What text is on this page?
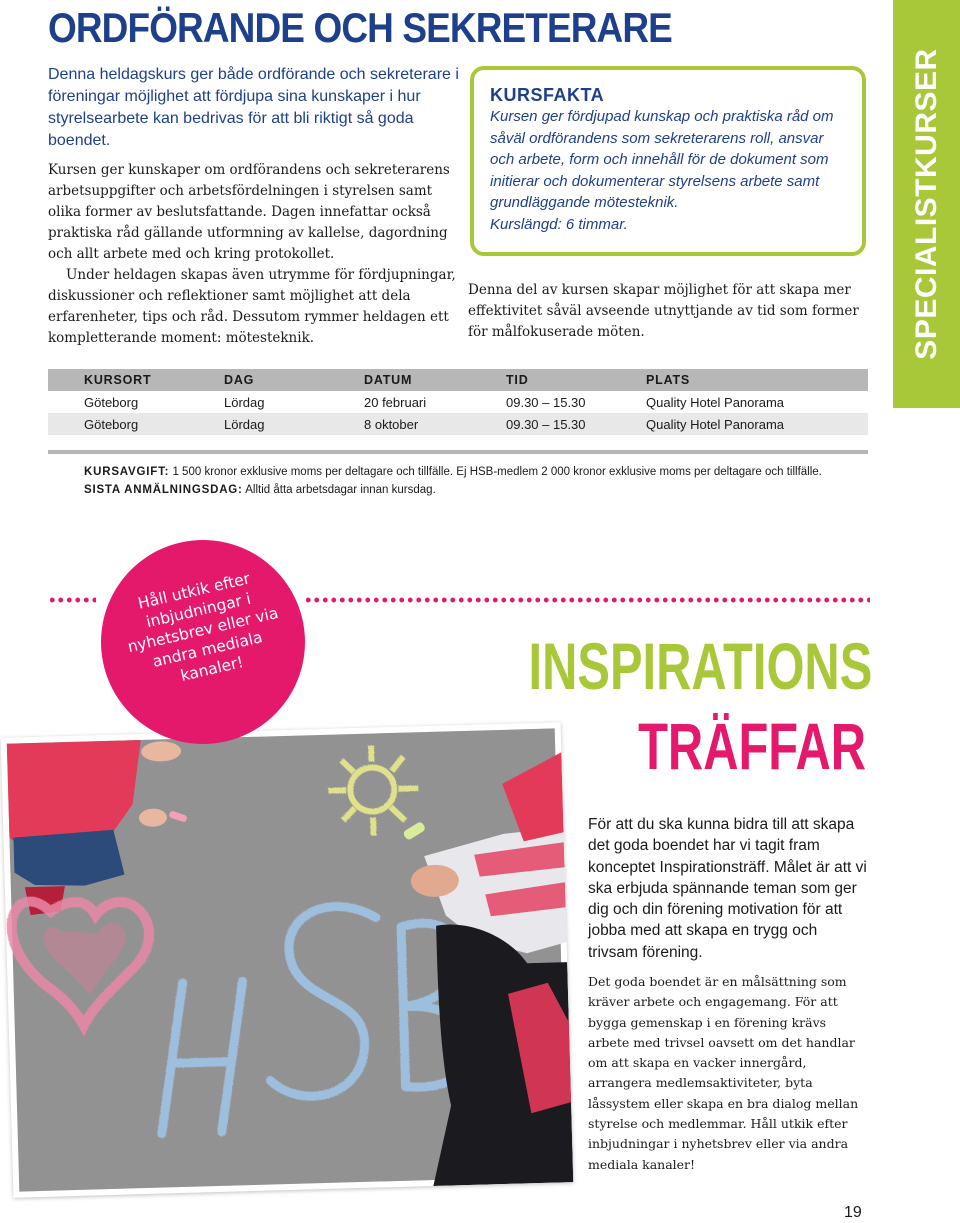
ORDFÖRANDE OCH SEKRETERARE
Denna heldagskurs ger både ordförande och sekreterare i föreningar möjlighet att fördjupa sina kunskaper i hur styrelsearbete kan bedrivas för att bli riktigt så goda boendet.

Kursen ger kunskaper om ordförandens och sekreterarens arbetsuppgifter och arbetsfördelningen i styrelsen samt olika former av beslutsfattande. Dagen innefattar också praktiska råd gällande utformning av kallelse, dagordning och allt arbete med och kring protokollet.

Under heldagen skapas även utrymme för fördjupningar, diskussioner och reflektioner samt möjlighet att dela erfarenheter, tips och råd. Dessutom rymmer heldagen ett kompletterande moment: mötesteknik.

KURSFAKTA
Kursen ger fördjupad kunskap och praktiska råd om såväl ordförandens som sekreterarens roll, ansvar och arbete, form och innehåll för de dokument som initierar och dokumenterar styrelsens arbete samt grundläggande mötesteknik.
Kurslängd: 6 timmar.

Denna del av kursen skapar möjlighet för att skapa mer effektivitet såväl avseende utnyttjande av tid som former för målfokuserade möten.	SPECIALISTKURSER
KURSORT	DAG	DATUM	TID	PLATS
Göteborg	Lördag	20 februari	09.30 – 15.30	Quality Hotel Panorama
Göteborg	Lördag	8 oktober	09.30 – 15.30	Quality Hotel Panorama
KURSAVGIFT: 1 500 kronor exklusive moms per deltagare och tillfälle. Ej HSB-medlem 2 000 kronor exklusive moms per deltagare och tillfälle.
SISTA ANMÄLNINGSDAG: Alltid åtta arbetsdagar innan kursdag.
INSPIRATIONS
TRÄFFAR
Håll utkik efter inbjudningar i nyhetsbrev eller via andra mediala kanaler!
För att du ska kunna bidra till att skapa det goda boendet har vi tagit fram konceptet Inspirationsträff. Målet är att vi ska erbjuda spännande teman som ger dig och din förening motivation för att jobba med att skapa en trygg och trivsam förening.
Det goda boendet är en målsättning som kräver arbete och engagemang. För att bygga gemenskap i en förening krävs arbete med trivsel oavsett om det handlar om att skapa en vacker innergård, arrangera medlemsaktiviteter, byta låssystem eller skapa en bra dialog mellan styrelse och medlemmar. Håll utkik efter inbjudningar i nyhetsbrev eller via andra mediala kanaler!
19
